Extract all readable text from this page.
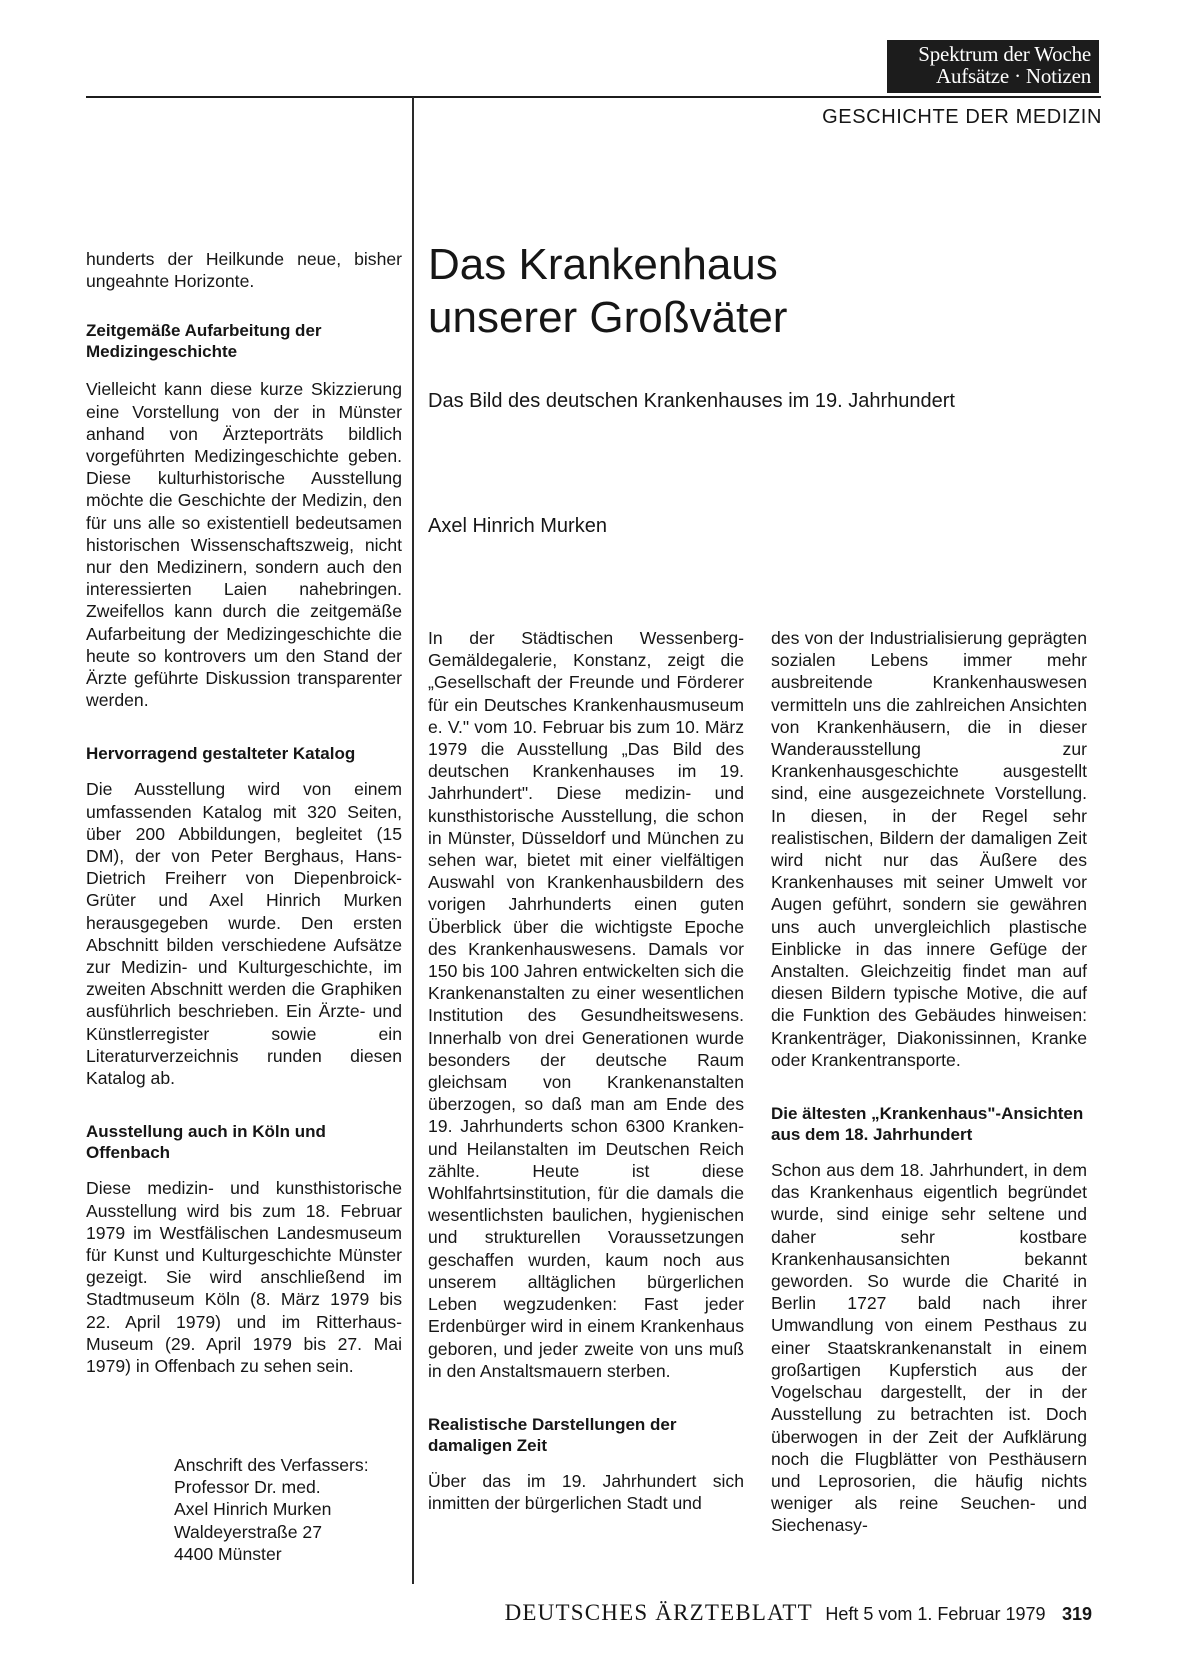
Spektrum der Woche
Aufsätze · Notizen
GESCHICHTE DER MEDIZIN

hunderts der Heilkunde neue, bisher ungeahnte Horizonte.

Zeitgemäße Aufarbeitung der Medizingeschichte

Vielleicht kann diese kurze Skizzierung eine Vorstellung von der in Münster anhand von Ärzteporträts bildlich vorgeführten Medizingeschichte geben. Diese kulturhistorische Ausstellung möchte die Geschichte der Medizin, den für uns alle so existentiell bedeutsamen historischen Wissenschaftszweig, nicht nur den Medizinern, sondern auch den interessierten Laien nahebringen. Zweifellos kann durch die zeitgemäße Aufarbeitung der Medizingeschichte die heute so kontrovers um den Stand der Ärzte geführte Diskussion transparenter werden.

Hervorragend gestalteter Katalog

Die Ausstellung wird von einem umfassenden Katalog mit 320 Seiten, über 200 Abbildungen, begleitet (15 DM), der von Peter Berghaus, Hans-Dietrich Freiherr von Diepenbroick-Grüter und Axel Hinrich Murken herausgegeben wurde. Den ersten Abschnitt bilden verschiedene Aufsätze zur Medizin- und Kulturgeschichte, im zweiten Abschnitt werden die Graphiken ausführlich beschrieben. Ein Ärzte- und Künstlerregister sowie ein Literaturverzeichnis runden diesen Katalog ab.

Ausstellung auch in Köln und Offenbach

Diese medizin- und kunsthistorische Ausstellung wird bis zum 18. Februar 1979 im Westfälischen Landesmuseum für Kunst und Kulturgeschichte Münster gezeigt. Sie wird anschließend im Stadtmuseum Köln (8. März 1979 bis 22. April 1979) und im Ritterhaus-Museum (29. April 1979 bis 27. Mai 1979) in Offenbach zu sehen sein.

Anschrift des Verfassers:
Professor Dr. med.
Axel Hinrich Murken
Waldeyerstraße 27
4400 Münster
Das Krankenhaus
unserer Großväter
Das Bild des deutschen Krankenhauses im 19. Jahrhundert
Axel Hinrich Murken

In der Städtischen Wessenberg-Gemäldegalerie, Konstanz, zeigt die „Gesellschaft der Freunde und Förderer für ein Deutsches Krankenhausmuseum e. V." vom 10. Februar bis zum 10. März 1979 die Ausstellung „Das Bild des deutschen Krankenhauses im 19. Jahrhundert". Diese medizin- und kunsthistorische Ausstellung, die schon in Münster, Düsseldorf und München zu sehen war, bietet mit einer vielfältigen Auswahl von Krankenhausbildern des vorigen Jahrhunderts einen guten Überblick über die wichtigste Epoche des Krankenhauswesens. Damals vor 150 bis 100 Jahren entwickelten sich die Krankenanstalten zu einer wesentlichen Institution des Gesundheitswesens. Innerhalb von drei Generationen wurde besonders der deutsche Raum gleichsam von Krankenanstalten überzogen, so daß man am Ende des 19. Jahrhunderts schon 6300 Kranken- und Heilanstalten im Deutschen Reich zählte. Heute ist diese Wohlfahrtsinstitution, für die damals die wesentlichsten baulichen, hygienischen und strukturellen Voraussetzungen geschaffen wurden, kaum noch aus unserem alltäglichen bürgerlichen Leben wegzudenken: Fast jeder Erdenbürger wird in einem Krankenhaus geboren, und jeder zweite von uns muß in den Anstaltsmauern sterben.

Realistische Darstellungen der damaligen Zeit

Über das im 19. Jahrhundert sich inmitten der bürgerlichen Stadt und

des von der Industrialisierung geprägten sozialen Lebens immer mehr ausbreitende Krankenhauswesen vermitteln uns die zahlreichen Ansichten von Krankenhäusern, die in dieser Wanderausstellung zur Krankenhausgeschichte ausgestellt sind, eine ausgezeichnete Vorstellung. In diesen, in der Regel sehr realistischen, Bildern der damaligen Zeit wird nicht nur das Äußere des Krankenhauses mit seiner Umwelt vor Augen geführt, sondern sie gewähren uns auch unvergleichlich plastische Einblicke in das innere Gefüge der Anstalten. Gleichzeitig findet man auf diesen Bildern typische Motive, die auf die Funktion des Gebäudes hinweisen: Krankenträger, Diakonissinnen, Kranke oder Krankentransporte.

Die ältesten „Krankenhaus"-Ansichten aus dem 18. Jahrhundert

Schon aus dem 18. Jahrhundert, in dem das Krankenhaus eigentlich begründet wurde, sind einige sehr seltene und daher sehr kostbare Krankenhausansichten bekannt geworden. So wurde die Charité in Berlin 1727 bald nach ihrer Umwandlung von einem Pesthaus zu einer Staatskrankenanstalt in einem großartigen Kupferstich aus der Vogelschau dargestellt, der in der Ausstellung zu betrachten ist. Doch überwogen in der Zeit der Aufklärung noch die Flugblätter von Pesthäusern und Leprosorien, die häufig nichts weniger als reine Seuchen- und Siechenasy-

DEUTSCHES ÄRZTEBLATT Heft 5 vom 1. Februar 1979 319
